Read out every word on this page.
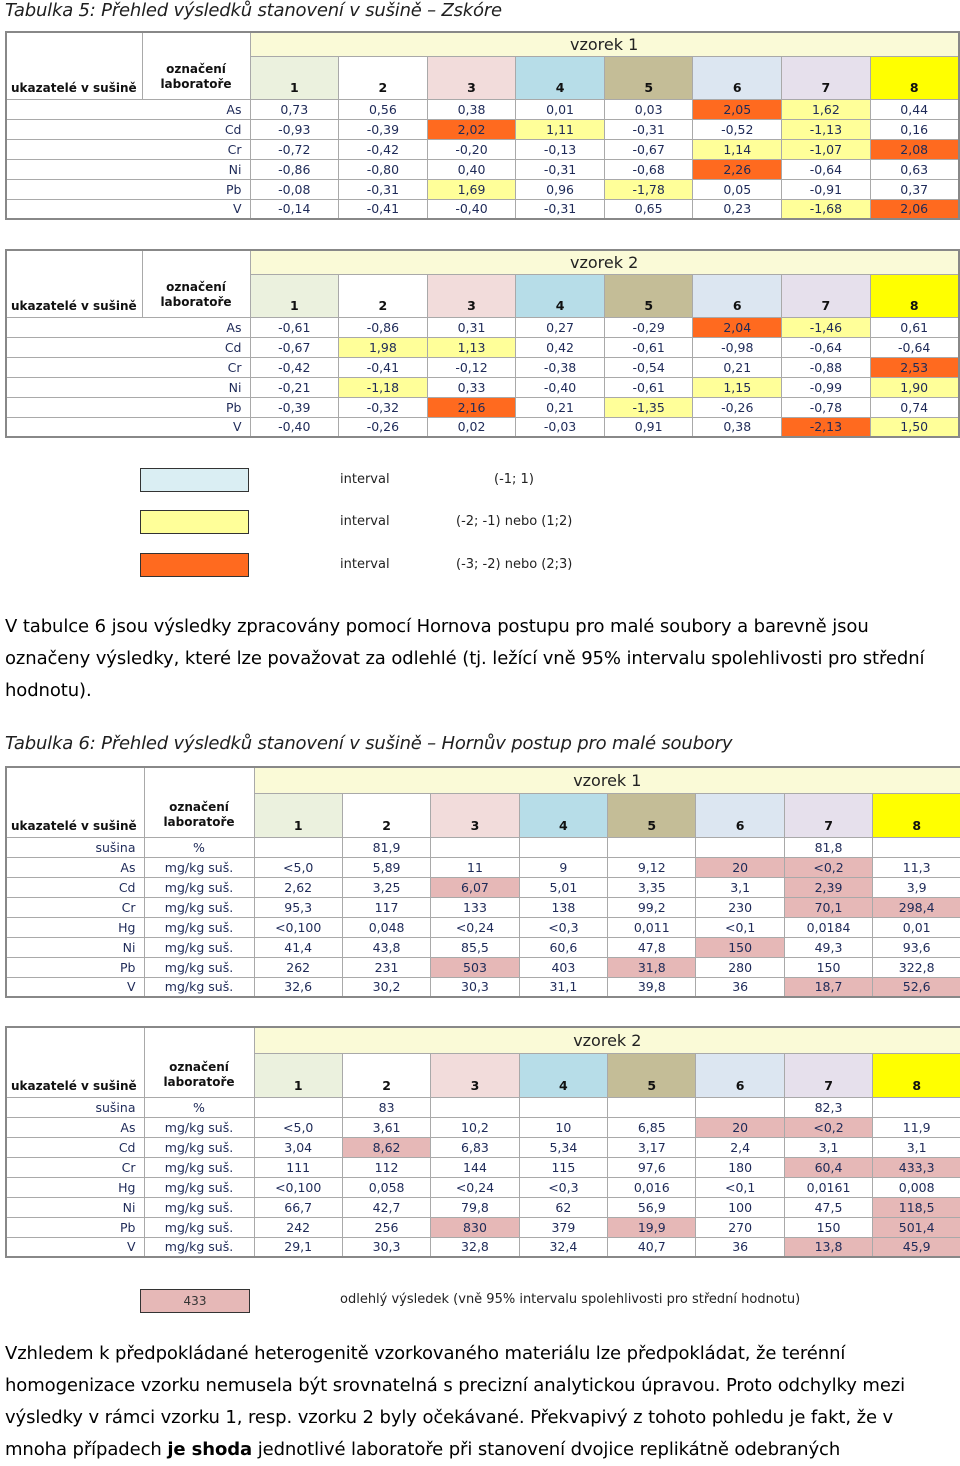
Tabulka 5: Přehled výsledků stanovení v sušině – Zskóre
		vzorek 1							
ukazatelé v sušině	označení laboratoře	1	2	3	4	5	6	7	8
As		0,73	0,56	0,38	0,01	0,03	2,05	1,62	0,44
Cd		-0,93	-0,39	2,02	1,11	-0,31	-0,52	-1,13	0,16
Cr		-0,72	-0,42	-0,20	-0,13	-0,67	1,14	-1,07	2,08
Ni		-0,86	-0,80	0,40	-0,31	-0,68	2,26	-0,64	0,63
Pb		-0,08	-0,31	1,69	0,96	-1,78	0,05	-0,91	0,37
V		-0,14	-0,41	-0,40	-0,31	0,65	0,23	-1,68	2,06
		vzorek 2							
ukazatelé v sušině	označení laboratoře	1	2	3	4	5	6	7	8
As		-0,61	-0,86	0,31	0,27	-0,29	2,04	-1,46	0,61
Cd		-0,67	1,98	1,13	0,42	-0,61	-0,98	-0,64	-0,64
Cr		-0,42	-0,41	-0,12	-0,38	-0,54	0,21	-0,88	2,53
Ni		-0,21	-1,18	0,33	-0,40	-0,61	1,15	-0,99	1,90
Pb		-0,39	-0,32	2,16	0,21	-1,35	-0,26	-0,78	0,74
V		-0,40	-0,26	0,02	-0,03	0,91	0,38	-2,13	1,50
interval	(-1; 1)
interval	(-2; -1) nebo (1;2)
interval	(-3; -2) nebo (2;3)
V tabulce 6 jsou výsledky zpracovány pomocí Hornova postupu pro malé soubory a barevně jsou označeny výsledky, které lze považovat za odlehlé (tj. ležící vně 95% intervalu spolehlivosti pro střední hodnotu).
Tabulka 6: Přehled výsledků stanovení v sušině – Hornův postup pro malé soubory
		vzorek 1							
ukazatelé v sušině	označení laboratoře	1	2	3	4	5	6	7	8
sušina	%		81,9					81,8	
As	mg/kg suš.	<5,0	5,89	11	9	9,12	20	<0,2	11,3
Cd	mg/kg suš.	2,62	3,25	6,07	5,01	3,35	3,1	2,39	3,9
Cr	mg/kg suš.	95,3	117	133	138	99,2	230	70,1	298,4
Hg	mg/kg suš.	<0,100	0,048	<0,24	<0,3	0,011	<0,1	0,0184	0,01
Ni	mg/kg suš.	41,4	43,8	85,5	60,6	47,8	150	49,3	93,6
Pb	mg/kg suš.	262	231	503	403	31,8	280	150	322,8
V	mg/kg suš.	32,6	30,2	30,3	31,1	39,8	36	18,7	52,6
		vzorek 2							
ukazatelé v sušině	označení laboratoře	1	2	3	4	5	6	7	8
sušina	%		83					82,3	
As	mg/kg suš.	<5,0	3,61	10,2	10	6,85	20	<0,2	11,9
Cd	mg/kg suš.	3,04	8,62	6,83	5,34	3,17	2,4	3,1	3,1
Cr	mg/kg suš.	111	112	144	115	97,6	180	60,4	433,3
Hg	mg/kg suš.	<0,100	0,058	<0,24	<0,3	0,016	<0,1	0,0161	0,008
Ni	mg/kg suš.	66,7	42,7	79,8	62	56,9	100	47,5	118,5
Pb	mg/kg suš.	242	256	830	379	19,9	270	150	501,4
V	mg/kg suš.	29,1	30,3	32,8	32,4	40,7	36	13,8	45,9
433	odlehlý výsledek (vně 95% intervalu spolehlivosti pro střední hodnotu)
Vzhledem k předpokládané heterogenitě vzorkovaného materiálu lze předpokládat, že terénní homogenizace vzorku nemusela být srovnatelná s precizní analytickou úpravou. Proto odchylky mezi výsledky v rámci vzorku 1, resp. vzorku 2 byly očekávané. Překvapivý z tohoto pohledu je fakt, že v mnoha případech je shoda jednotlivé laboratoře při stanovení dvojice replikátně odebraných
